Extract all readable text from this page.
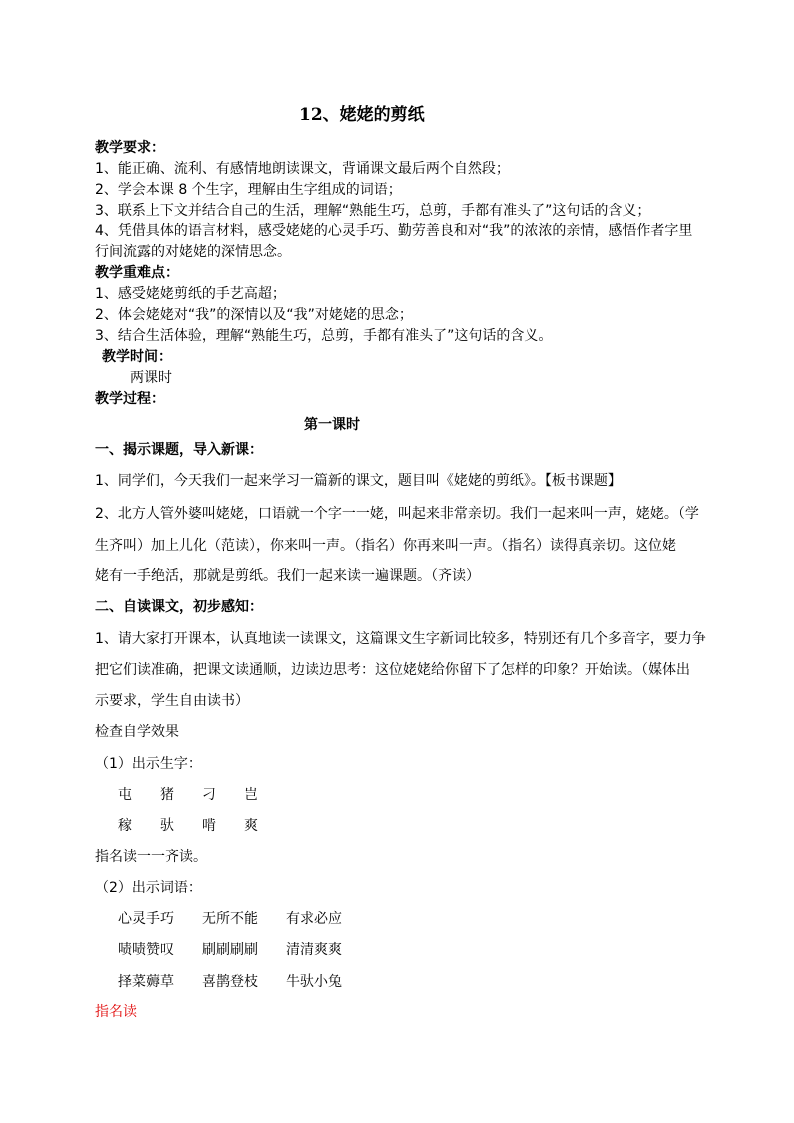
12、姥姥的剪纸
教学要求：
1、能正确、流利、有感情地朗读课文，背诵课文最后两个自然段；
2、学会本课 8 个生字，理解由生字组成的词语；
3、联系上下文并结合自己的生活，理解“熟能生巧，总剪，手都有准头了”这句话的含义；
4、凭借具体的语言材料，感受姥姥的心灵手巧、勤劳善良和对“我”的浓浓的亲情，感悟作者字里
行间流露的对姥姥的深情思念。
教学重难点：
1、感受姥姥剪纸的手艺高超；
2、体会姥姥对“我”的深情以及“我”对姥姥的思念；
3、结合生活体验，理解“熟能生巧，总剪，手都有准头了”这句话的含义。
教学时间：
两课时
教学过程：
第一课时
一、揭示课题，导入新课：
1、同学们，今天我们一起来学习一篇新的课文，题目叫《姥姥的剪纸》。【板书课题】
2、北方人管外婆叫姥姥，口语就一个字一一姥，叫起来非常亲切。我们一起来叫一声，姥姥。（学
生齐叫）加上儿化（范读），你来叫一声。（指名）你再来叫一声。（指名）读得真亲切。这位姥
姥有一手绝活，那就是剪纸。我们一起来读一遍课题。（齐读）
二、自读课文，初步感知：
1、请大家打开课本，认真地读一读课文，这篇课文生字新词比较多，特别还有几个多音字，要力争
把它们读准确，把课文读通顺，边读边思考：这位姥姥给你留下了怎样的印象？开始读。（媒体出
示要求，学生自由读书）
检查自学效果
（1）出示生字：
屯 猪 刁 岂
稼 驮 啃 爽
指名读一一齐读。
（2）出示词语：
心灵手巧 无所不能 有求必应
啧啧赞叹 刷刷刷刷 清清爽爽
择菜薅草 喜鹊登枝 牛驮小兔
指名读
